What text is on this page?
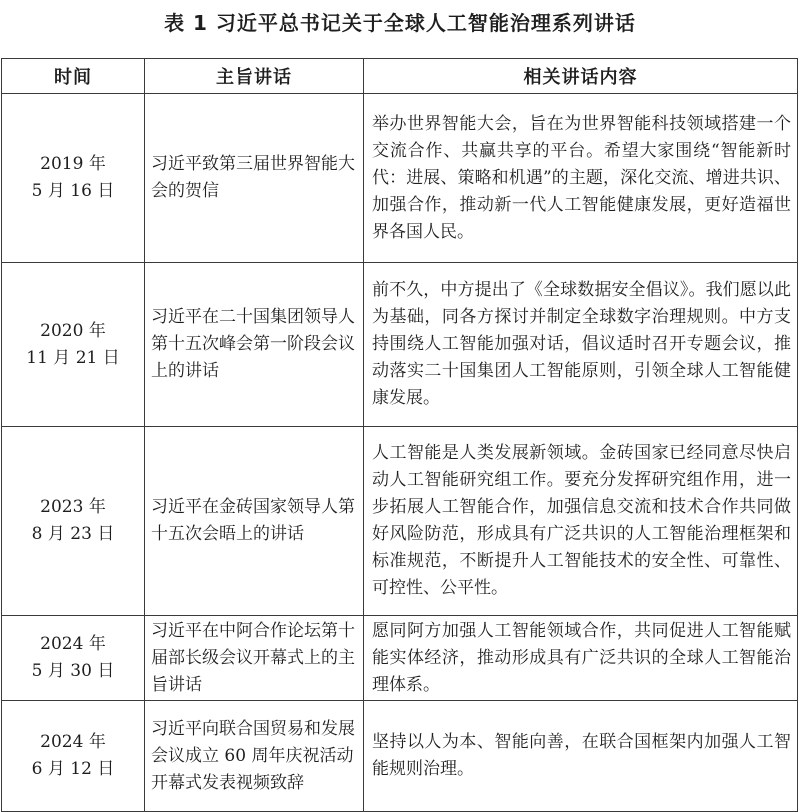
表 1 习近平总书记关于全球人工智能治理系列讲话
时间	主旨讲话	相关讲话内容

2019 年
5 月 16 日	习近平致第三届世界智能大会的贺信	举办世界智能大会，旨在为世界智能科技领域搭建一个交流合作、共赢共享的平台。希望大家围绕“智能新时代：进展、策略和机遇”的主题，深化交流、增进共识、加强合作，推动新一代人工智能健康发展，更好造福世界各国人民。

2020 年
11 月 21 日	习近平在二十国集团领导人第十五次峰会第一阶段会议上的讲话	前不久，中方提出了《全球数据安全倡议》。我们愿以此为基础，同各方探讨并制定全球数字治理规则。中方支持围绕人工智能加强对话，倡议适时召开专题会议，推动落实二十国集团人工智能原则，引领全球人工智能健康发展。

2023 年
8 月 23 日	习近平在金砖国家领导人第十五次会晤上的讲话	人工智能是人类发展新领域。金砖国家已经同意尽快启动人工智能研究组工作。要充分发挥研究组作用，进一步拓展人工智能合作，加强信息交流和技术合作共同做好风险防范，形成具有广泛共识的人工智能治理框架和标准规范，不断提升人工智能技术的安全性、可靠性、可控性、公平性。

2024 年
5 月 30 日	习近平在中阿合作论坛第十届部长级会议开幕式上的主旨讲话	愿同阿方加强人工智能领域合作，共同促进人工智能赋能实体经济，推动形成具有广泛共识的全球人工智能治理体系。

2024 年
6 月 12 日	习近平向联合国贸易和发展会议成立 60 周年庆祝活动开幕式发表视频致辞	坚持以人为本、智能向善，在联合国框架内加强人工智能规则治理。
